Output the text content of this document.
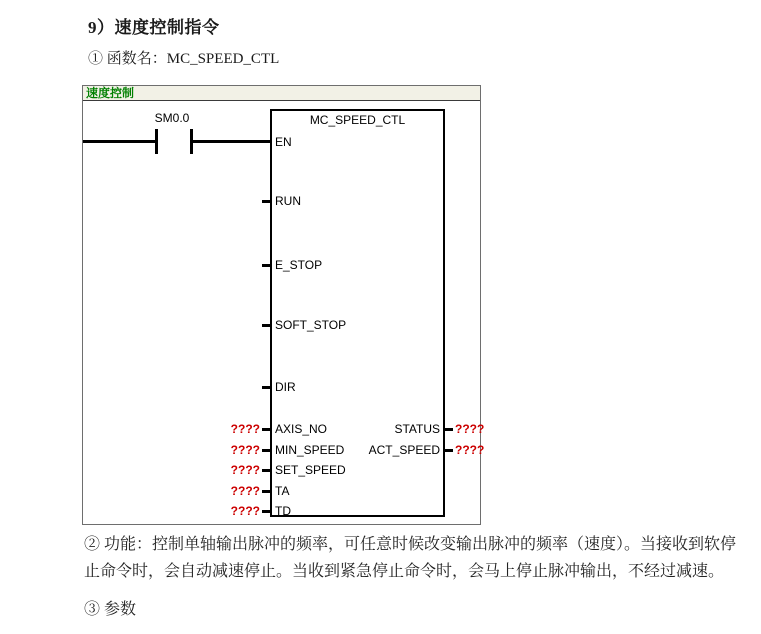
9）速度控制指令
① 函数名：MC_SPEED_CTL
速度控制
SM0.0	MC_SPEED_CTL
EN
RUN
E_STOP
SOFT_STOP
DIR
AXIS_NO
MIN_SPEED
SET_SPEED
TA
TD
????
????
????
????
????
STATUS
ACT_SPEED
????
????

② 功能：控制单轴输出脉冲的频率，可任意时候改变输出脉冲的频率（速度）。当接收到软停止命令时，会自动减速停止。当收到紧急停止命令时，会马上停止脉冲输出，不经过减速。

③ 参数
